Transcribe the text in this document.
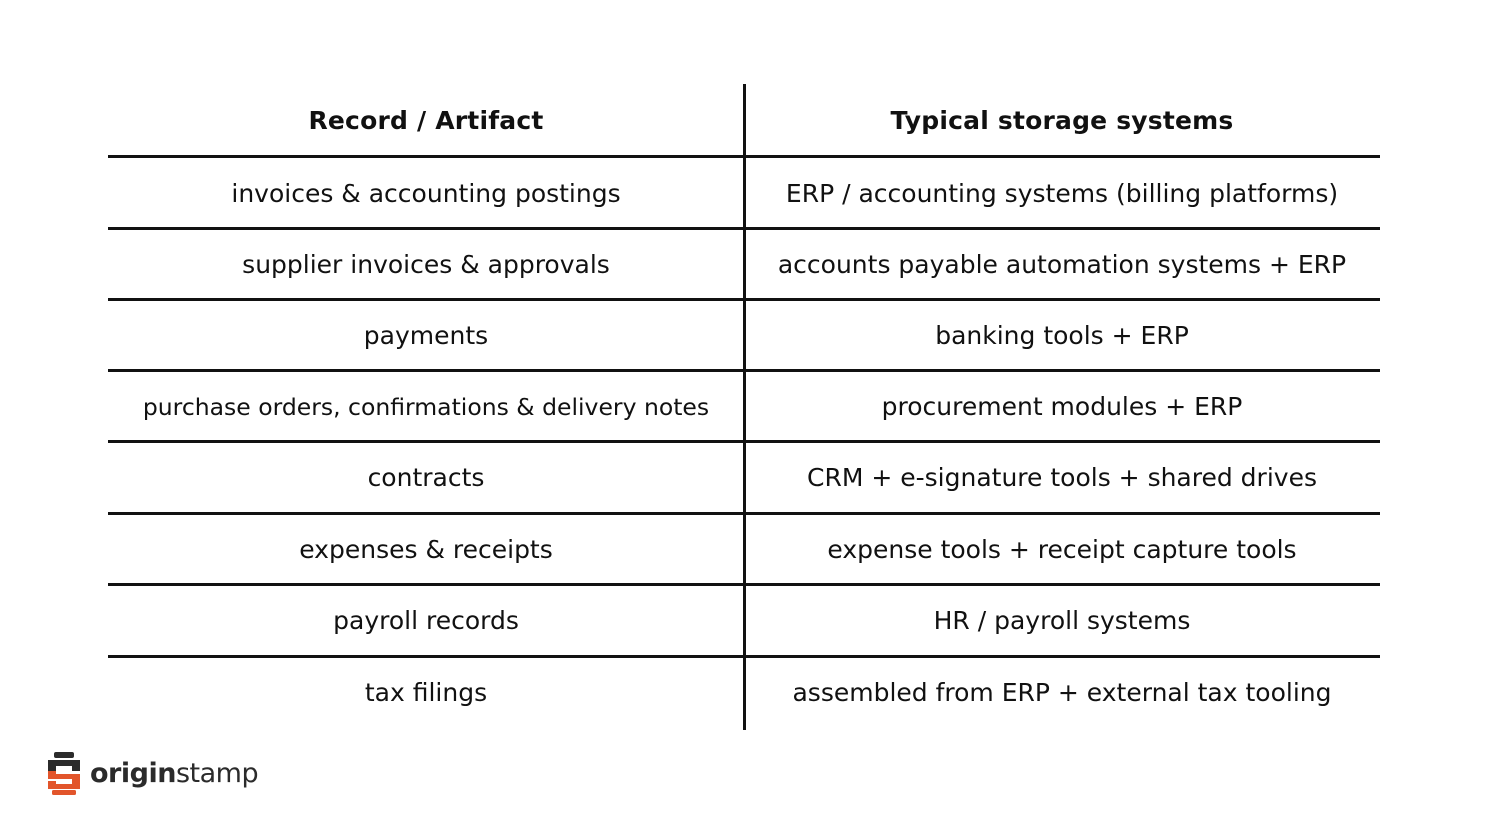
Record / Artifact	Typical storage systems
invoices & accounting postings	ERP / accounting systems (billing platforms)
supplier invoices & approvals	accounts payable automation systems + ERP
payments	banking tools + ERP
purchase orders, confirmations & delivery notes	procurement modules + ERP
contracts	CRM + e-signature tools + shared drives
expenses & receipts	expense tools + receipt capture tools
payroll records	HR / payroll systems
tax filings	assembled from ERP + external tax tooling
originstamp
